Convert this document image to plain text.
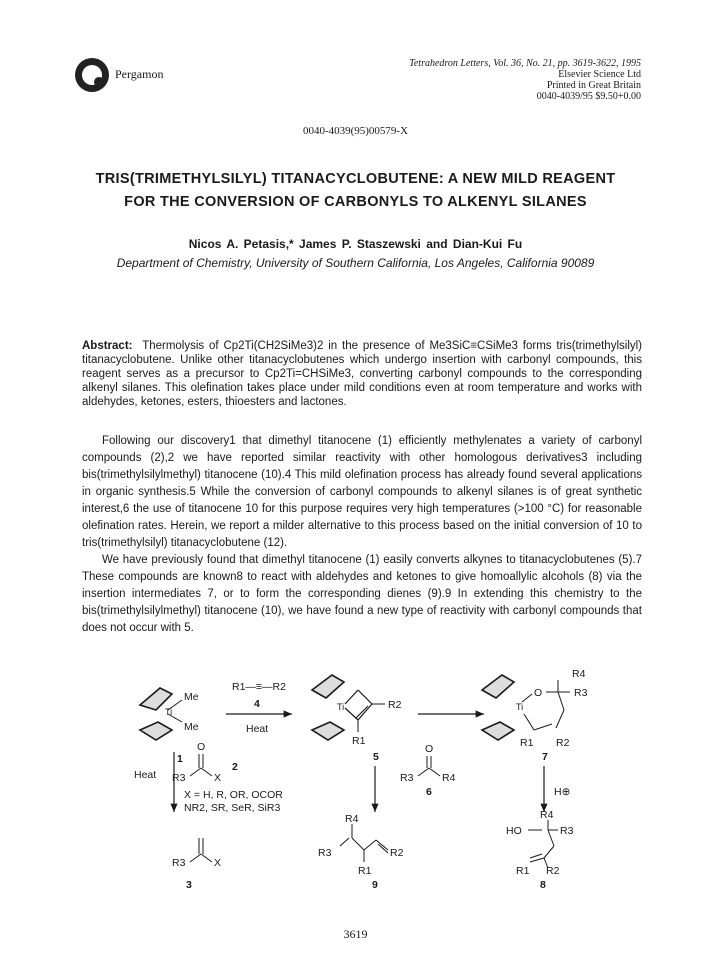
Pergamon
Tetrahedron Letters, Vol. 36, No. 21, pp. 3619-3622, 1995
Elsevier Science Ltd
Printed in Great Britain
0040-4039/95 $9.50+0.00
0040-4039(95)00579-X
TRIS(TRIMETHYLSILYL) TITANACYCLOBUTENE: A NEW MILD REAGENT
FOR THE CONVERSION OF CARBONYLS TO ALKENYL SILANES
Nicos A. Petasis,* James P. Staszewski and Dian-Kui Fu
Department of Chemistry, University of Southern California, Los Angeles, California 90089
Abstract: Thermolysis of Cp2Ti(CH2SiMe3)2 in the presence of Me3SiC≡CSiMe3 forms tris(trimethylsilyl) titanacyclobutene. Unlike other titanacyclobutenes which undergo insertion with carbonyl compounds, this reagent serves as a precursor to Cp2Ti=CHSiMe3, converting carbonyl compounds to the corresponding alkenyl silanes. This olefination takes place under mild conditions even at room temperature and works with aldehydes, ketones, esters, thioesters and lactones.

Following our discovery1 that dimethyl titanocene (1) efficiently methylenates a variety of carbonyl compounds (2),2 we have reported similar reactivity with other homologous derivatives3 including bis(trimethylsilylmethyl) titanocene (10).4 This mild olefination process has already found several applications in organic synthesis.5 While the conversion of carbonyl compounds to alkenyl silanes is of great synthetic interest,6 the use of titanocene 10 for this purpose requires very high temperatures (>100 °C) for reasonable olefination rates. Herein, we report a milder alternative to this process based on the initial conversion of 10 to tris(trimethylsilyl) titanacyclobutene (12).

We have previously found that dimethyl titanocene (1) easily converts alkynes to titanacyclobutenes (5).7 These compounds are known8 to react with aldehydes and ketones to give homoallylic alcohols (8) via the insertion intermediates 7, or to form the corresponding dienes (9).9 In extending this chemistry to the bis(trimethylsilylmethyl) titanocene (10), we have found a new type of reactivity with carbonyl compounds that does not occur with 5.

Me
Ti
Me
1
R1—≡—R2
4
Heat
Ti	R2
R1
5
R4
O	R3
Ti
R1 R2
7
O
R3	X
2
Heat
X = H, R, OR, OCOR
NR2, SR, SeR, SiR3
R3	X
3
O
R3	R4
6
R4
R3	R2
R1
9
H⊕
R4
HO	R3
R1 R2
8
3619
